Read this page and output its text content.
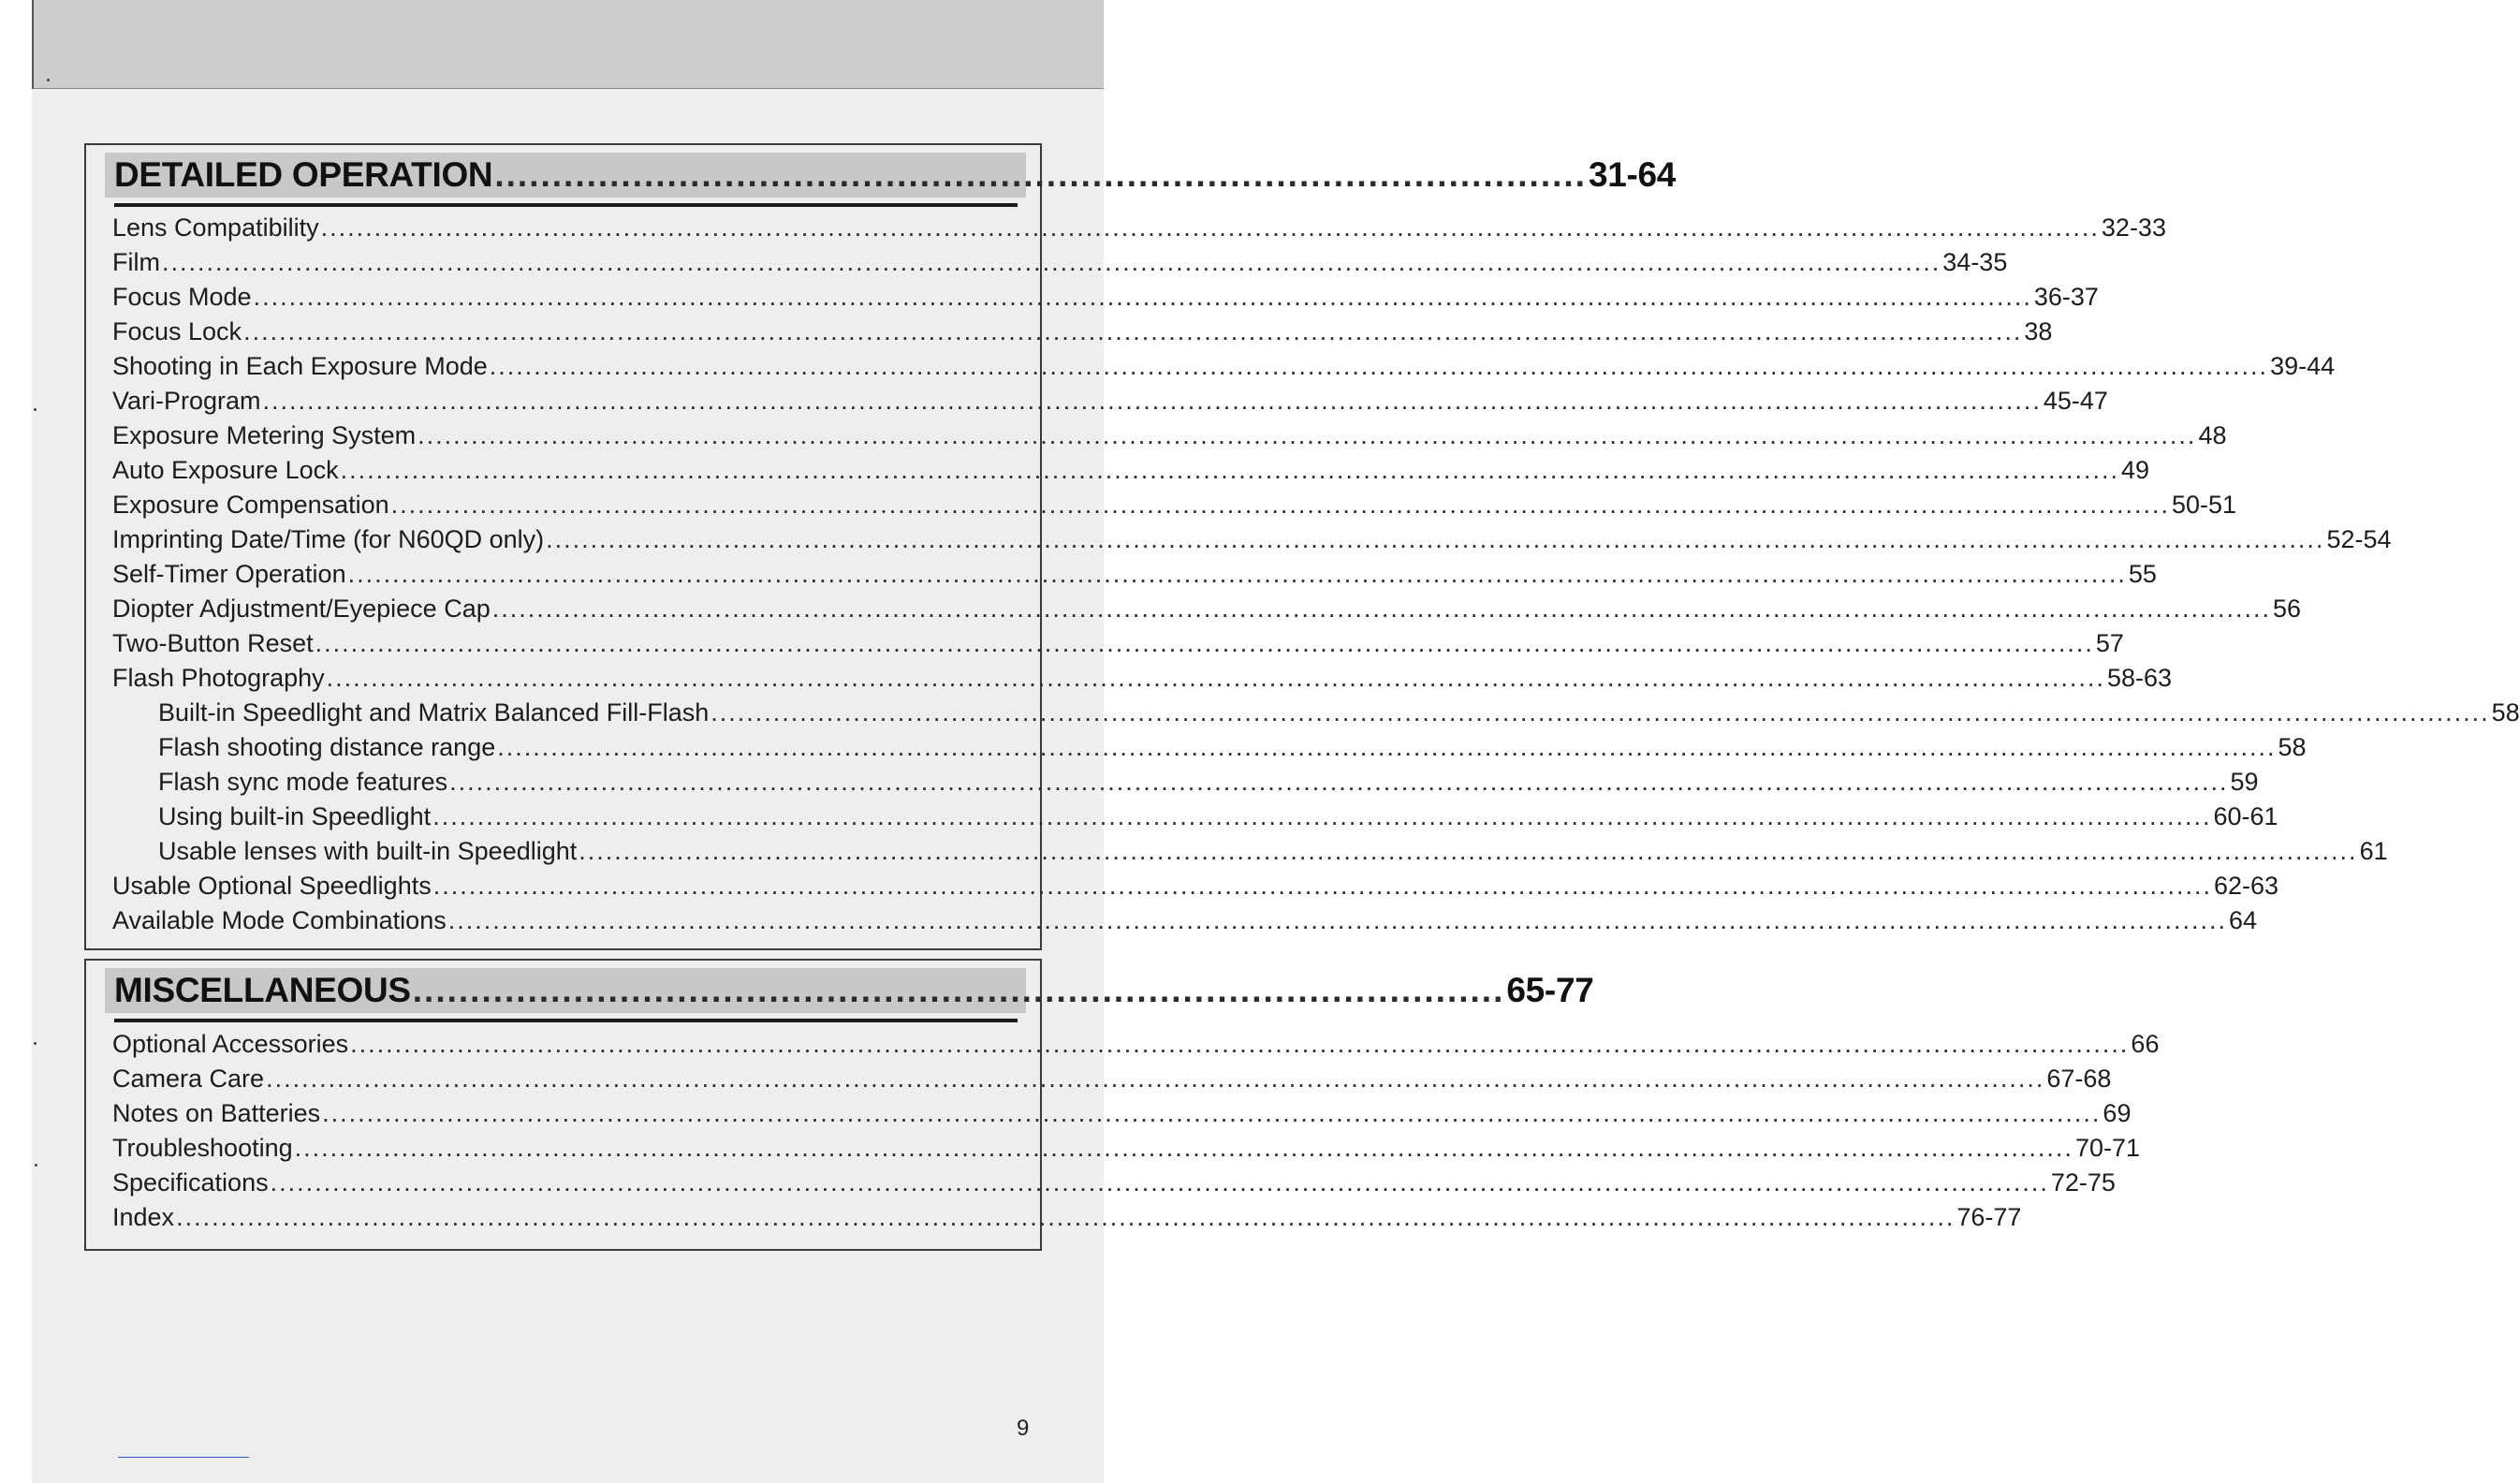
DETAILED OPERATION ............................................................................................... 31-64
Lens Compatibility ........................................................................................................................................................................................................ 32-33
Film ........................................................................................................................................................................................................ 34-35
Focus Mode ........................................................................................................................................................................................................ 36-37
Focus Lock ........................................................................................................................................................................................................ 38
Shooting in Each Exposure Mode ........................................................................................................................................................................................................ 39-44
Vari-Program ........................................................................................................................................................................................................ 45-47
Exposure Metering System ........................................................................................................................................................................................................ 48
Auto Exposure Lock ........................................................................................................................................................................................................ 49
Exposure Compensation ........................................................................................................................................................................................................ 50-51
Imprinting Date/Time (for N60QD only) ........................................................................................................................................................................................................ 52-54
Self-Timer Operation ........................................................................................................................................................................................................ 55
Diopter Adjustment/Eyepiece Cap ........................................................................................................................................................................................................ 56
Two-Button Reset ........................................................................................................................................................................................................ 57
Flash Photography ........................................................................................................................................................................................................ 58-63
Built-in Speedlight and Matrix Balanced Fill-Flash ........................................................................................................................................................................................................ 58
Flash shooting distance range ........................................................................................................................................................................................................ 58
Flash sync mode features ........................................................................................................................................................................................................ 59
Using built-in Speedlight ........................................................................................................................................................................................................ 60-61
Usable lenses with built-in Speedlight ........................................................................................................................................................................................................ 61
Usable Optional Speedlights ........................................................................................................................................................................................................ 62-63
Available Mode Combinations ........................................................................................................................................................................................................ 64
MISCELLANEOUS ............................................................................................... 65-77
Optional Accessories ........................................................................................................................................................................................................ 66
Camera Care ........................................................................................................................................................................................................ 67-68
Notes on Batteries ........................................................................................................................................................................................................ 69
Troubleshooting ........................................................................................................................................................................................................ 70-71
Specifications ........................................................................................................................................................................................................ 72-75
Index ........................................................................................................................................................................................................ 76-77
9
